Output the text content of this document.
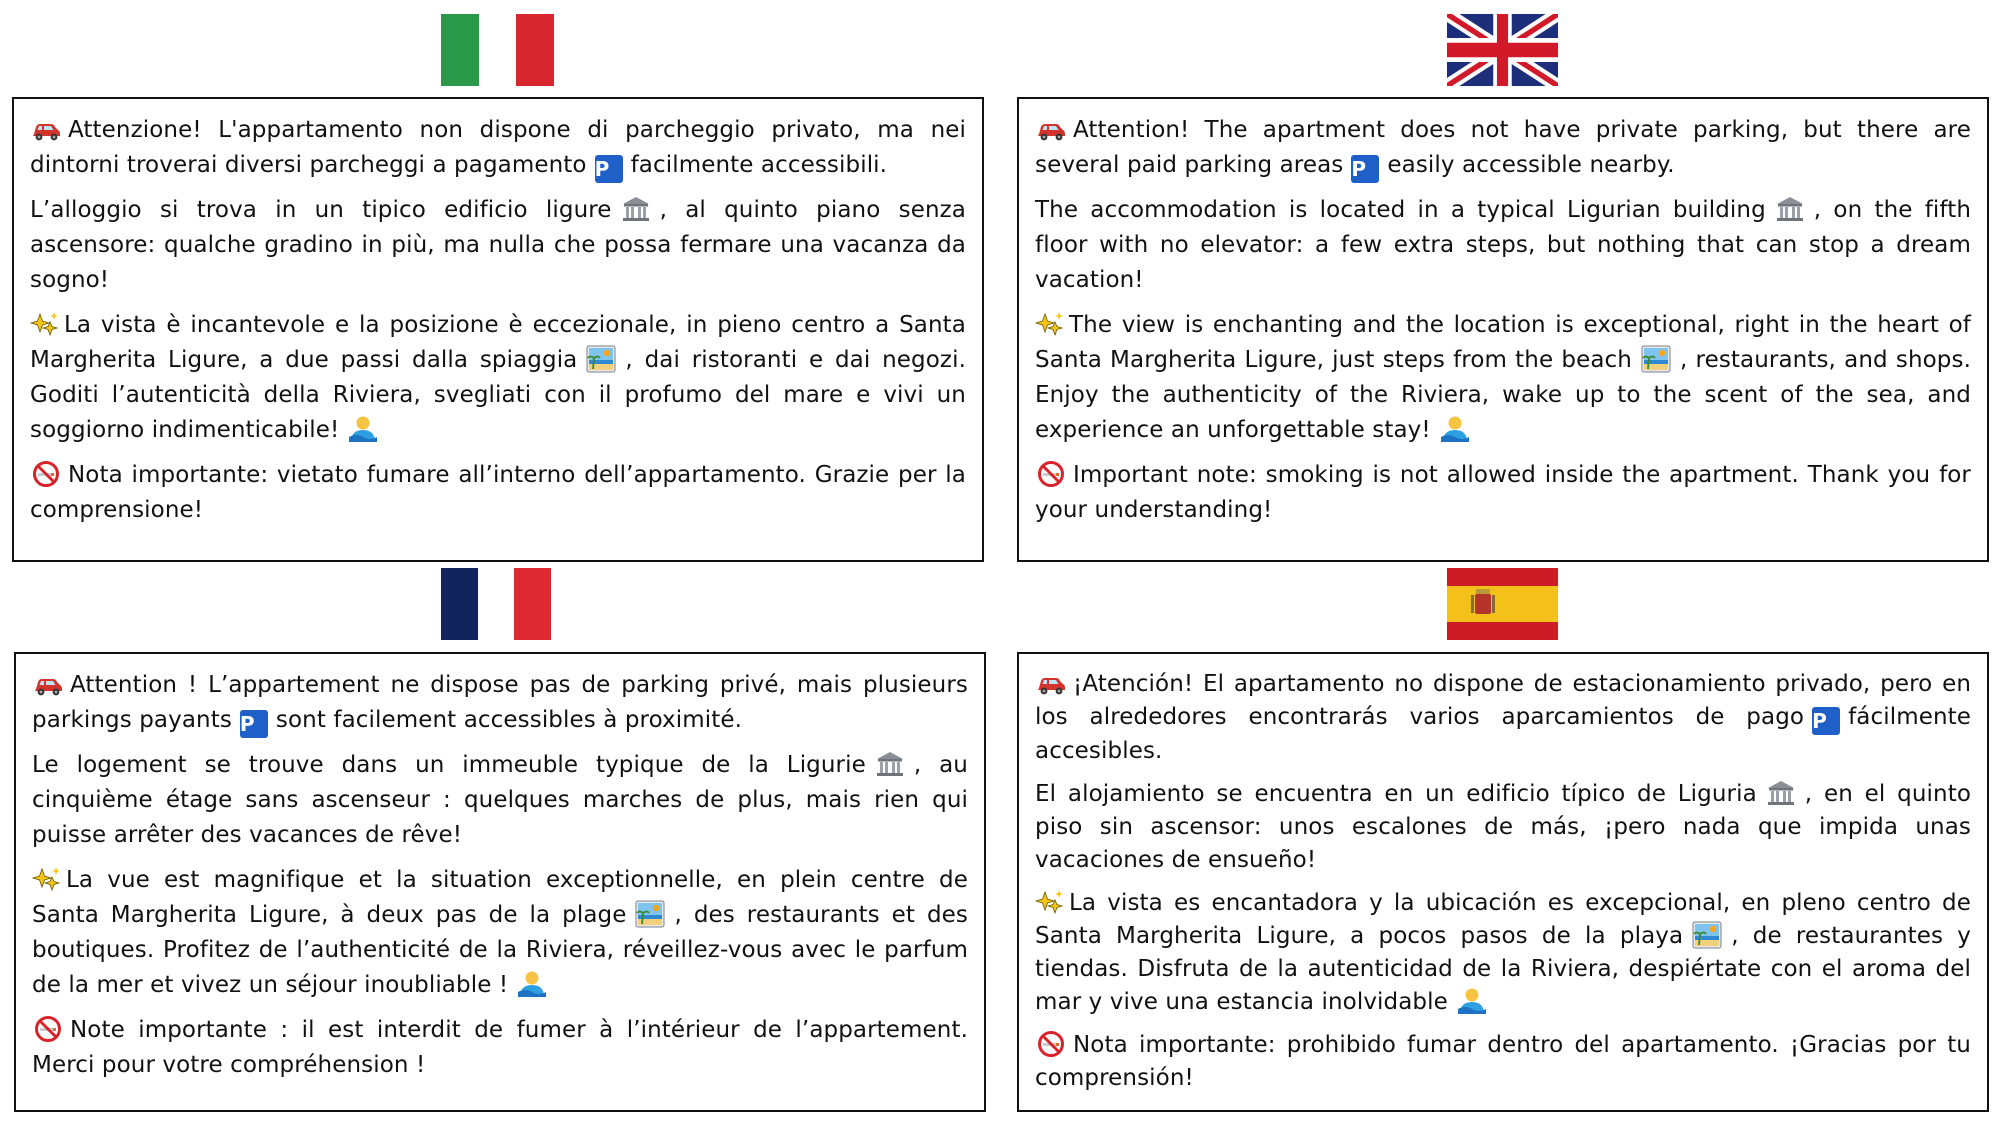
Attenzione! L'appartamento non dispone di parcheggio privato, ma nei dintorni troverai diversi parcheggi a pagamento P facilmente accessibili.

L’alloggio si trova in un tipico edificio ligure , al quinto piano senza ascensore: qualche gradino in più, ma nulla che possa fermare una vacanza da sogno!

La vista è incantevole e la posizione è eccezionale, in pieno centro a Santa Margherita Ligure, a due passi dalla spiaggia , dai ristoranti e dai negozi. Goditi l’autenticità della Riviera, svegliati con il profumo del mare e vivi un soggiorno indimenticabile!

Nota importante: vietato fumare all’interno dell’appartamento. Grazie per la comprensione!

Attention! The apartment does not have private parking, but there are several paid parking areas P easily accessible nearby.

The accommodation is located in a typical Ligurian building , on the fifth floor with no elevator: a few extra steps, but nothing that can stop a dream vacation!

The view is enchanting and the location is exceptional, right in the heart of Santa Margherita Ligure, just steps from the beach , restaurants, and shops. Enjoy the authenticity of the Riviera, wake up to the scent of the sea, and experience an unforgettable stay!

Important note: smoking is not allowed inside the apartment. Thank you for your understanding!

Attention ! L’appartement ne dispose pas de parking privé, mais plusieurs parkings payants P sont facilement accessibles à proximité.

Le logement se trouve dans un immeuble typique de la Ligurie , au cinquième étage sans ascenseur : quelques marches de plus, mais rien qui puisse arrêter des vacances de rêve!

La vue est magnifique et la situation exceptionnelle, en plein centre de Santa Margherita Ligure, à deux pas de la plage , des restaurants et des boutiques. Profitez de l’authenticité de la Riviera, réveillez-vous avec le parfum de la mer et vivez un séjour inoubliable !

Note importante : il est interdit de fumer à l’intérieur de l’appartement. Merci pour votre compréhension !

¡Atención! El apartamento no dispone de estacionamiento privado, pero en los alrededores encontrarás varios aparcamientos de pago P fácilmente accesibles.

El alojamiento se encuentra en un edificio típico de Liguria , en el quinto piso sin ascensor: unos escalones de más, ¡pero nada que impida unas vacaciones de ensueño!

La vista es encantadora y la ubicación es excepcional, en pleno centro de Santa Margherita Ligure, a pocos pasos de la playa , de restaurantes y tiendas. Disfruta de la autenticidad de la Riviera, despiértate con el aroma del mar y vive una estancia inolvidable

Nota importante: prohibido fumar dentro del apartamento. ¡Gracias por tu comprensión!
